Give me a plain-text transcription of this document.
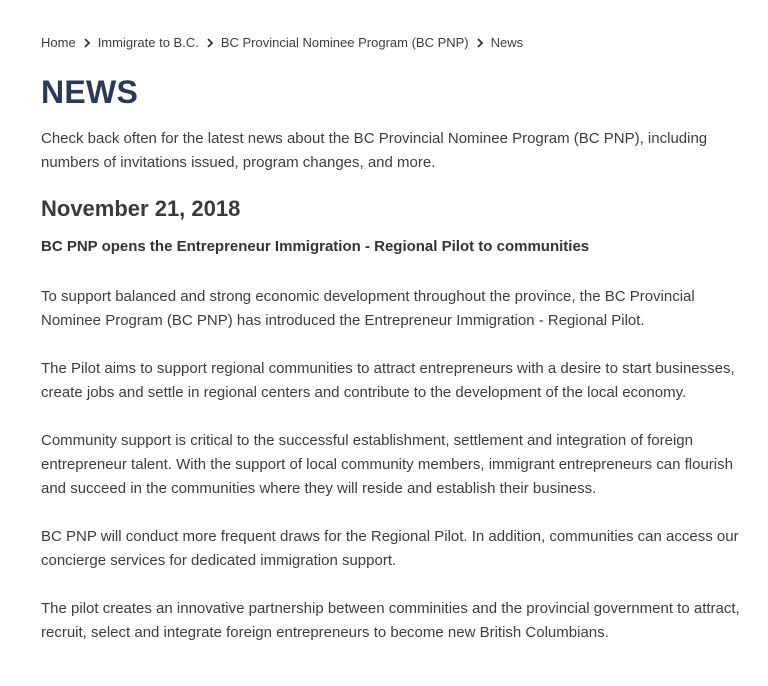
Home Immigrate to B.C. BC Provincial Nominee Program (BC PNP) News
NEWS

Check back often for the latest news about the BC Provincial Nominee Program (BC PNP), including numbers of invitations issued, program changes, and more.

November 21, 2018
BC PNP opens the Entrepreneur Immigration - Regional Pilot to communities

To support balanced and strong economic development throughout the province, the BC Provincial Nominee Program (BC PNP) has introduced the Entrepreneur Immigration - Regional Pilot.

The Pilot aims to support regional communities to attract entrepreneurs with a desire to start businesses, create jobs and settle in regional centers and contribute to the development of the local economy.

Community support is critical to the successful establishment, settlement and integration of foreign entrepreneur talent. With the support of local community members, immigrant entrepreneurs can flourish and succeed in the communities where they will reside and establish their business.

BC PNP will conduct more frequent draws for the Regional Pilot. In addition, communities can access our concierge services for dedicated immigration support.

The pilot creates an innovative partnership between comminities and the provincial government to attract, recruit, select and integrate foreign entrepreneurs to become new British Columbians.
